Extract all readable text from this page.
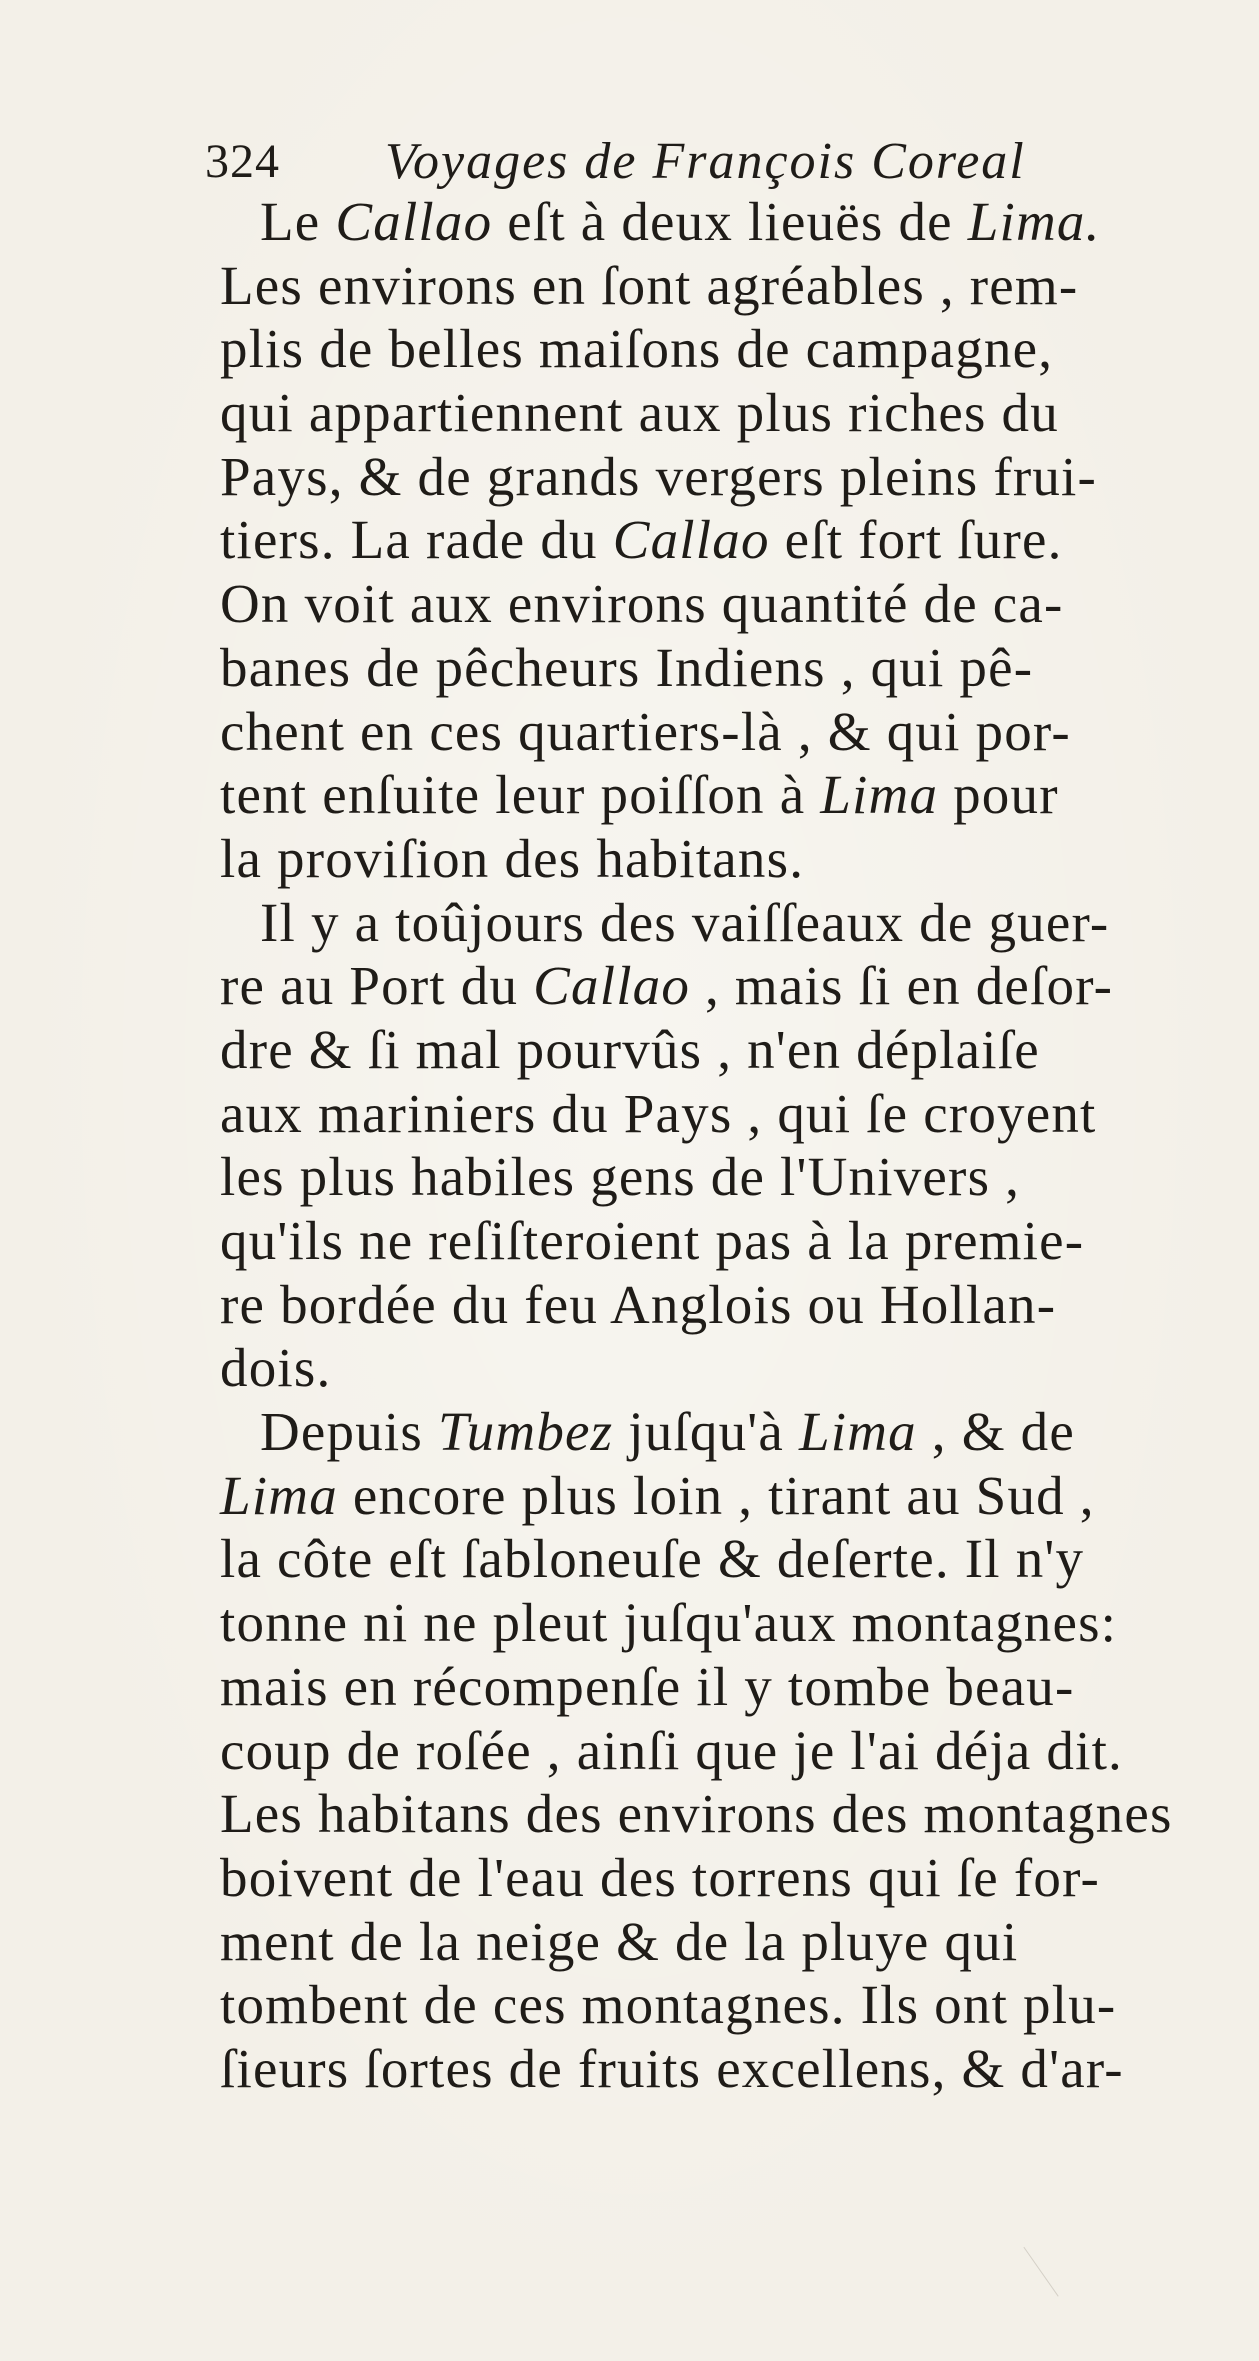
324 Voyages de François Coreal
Le Callao eſt à deux lieuës de Lima.
Les environs en ſont agréables , rem-
plis de belles maiſons de campagne,
qui appartiennent aux plus riches du
Pays, & de grands vergers pleins frui-
tiers. La rade du Callao eſt fort ſure.
On voit aux environs quantité de ca-
banes de pêcheurs Indiens , qui pê-
chent en ces quartiers-là , & qui por-
tent enſuite leur poiſſon à Lima pour
la proviſion des habitans.
Il y a toûjours des vaiſſeaux de guer-
re au Port du Callao , mais ſi en deſor-
dre & ſi mal pourvûs , n'en déplaiſe
aux mariniers du Pays , qui ſe croyent
les plus habiles gens de l'Univers ,
qu'ils ne reſiſteroient pas à la premie-
re bordée du feu Anglois ou Hollan-
dois.
Depuis Tumbez juſqu'à Lima , & de
Lima encore plus loin , tirant au Sud ,
la côte eſt ſabloneuſe & deſerte. Il n'y
tonne ni ne pleut juſqu'aux montagnes:
mais en récompenſe il y tombe beau-
coup de roſée , ainſi que je l'ai déja dit.
Les habitans des environs des montagnes
boivent de l'eau des torrens qui ſe for-
ment de la neige & de la pluye qui
tombent de ces montagnes. Ils ont plu-
ſieurs ſortes de fruits excellens, & d'ar-
